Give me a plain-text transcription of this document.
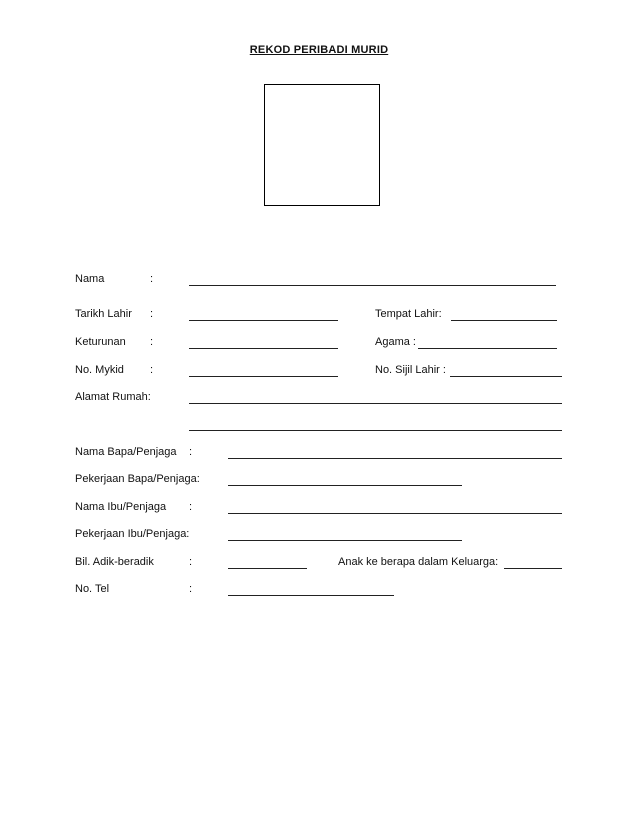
REKOD PERIBADI MURID
Nama	:
Tarikh Lahir :	Tempat Lahir:
Keturunan :	Agama :
No. Mykid :	No. Sijil Lahir :
Alamat Rumah:
Nama Bapa/Penjaga :
Pekerjaan Bapa/Penjaga:
Nama Ibu/Penjaga :
Pekerjaan Ibu/Penjaga:
Bil. Adik-beradik	:	Anak ke berapa dalam Keluarga:
No. Tel	:
